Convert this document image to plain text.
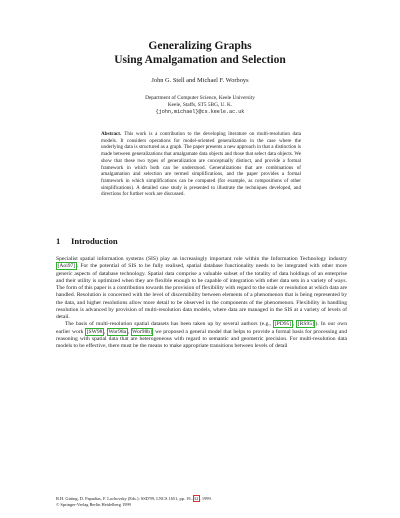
Generalizing Graphs
Using Amalgamation and Selection
John G. Stell and Michael F. Worboys
Department of Computer Science, Keele University
Keele, Staffs, ST5 5BG, U. K.
{john,michael}@cs.keele.ac.uk
Abstract. This work is a contribution to the developing literature on multi-resolution data models. It considers operations for model-oriented generalization in the case where the underlying data is structured as a graph. The paper presents a new approach in that a distinction is made between generalizations that amalgamate data objects and those that select data objects. We show that these two types of generalization are conceptually distinct, and provide a formal framework in which both can be understood. Generalizations that are combinations of amalgamation and selection are termed simplifications, and the paper provides a formal framework in which simplifications can be computed (for example, as compositions of other simplifications). A detailed case study is presented to illustrate the techniques developed, and directions for further work are discussed.
1 Introduction

Specialist spatial information systems (SIS) play an increasingly important role within the Information Technology industry [Aoi97] . For the potential of SIS to be fully realised, spatial database functionality needs to be integrated with other more generic aspects of database technology. Spatial data comprise a valuable subset of the totality of data holdings of an enterprise and their utility is optimized when they are flexible enough to be capable of integration with other data sets in a variety of ways. The form of this paper is a contribution towards the provision of flexibility with regard to the scale or resolution at which data are handled. Resolution is concerned with the level of discernibility between elements of a phenomenon that is being represented by the data, and higher resolutions allow more detail to be observed in the components of the phenomenon. Flexibility in handling resolution is advanced by provision of multi-resolution data models, where data are managed in the SIS at a variety of levels of detail.

The basis of multi-resolution spatial datasets has been taken up by several authors (e.g., [PD95] , [RS95] ). In our own earlier work [SW98 , Wor98a , Wor98b] we proposed a general model that helps to provide a formal basis for processing and reasoning with spatial data that are heterogeneous with regard to semantic and geometric precision. For multi-resolution data models to be effective, there must be the means to make appropriate transitions between levels of detail

R.H. Güting, D. Papadias, F. Lochovsky (Eds.): SSD'99, LNCS 1651, pp. 19–32, 1999.
© Springer-Verlag Berlin Heidelberg 1999
